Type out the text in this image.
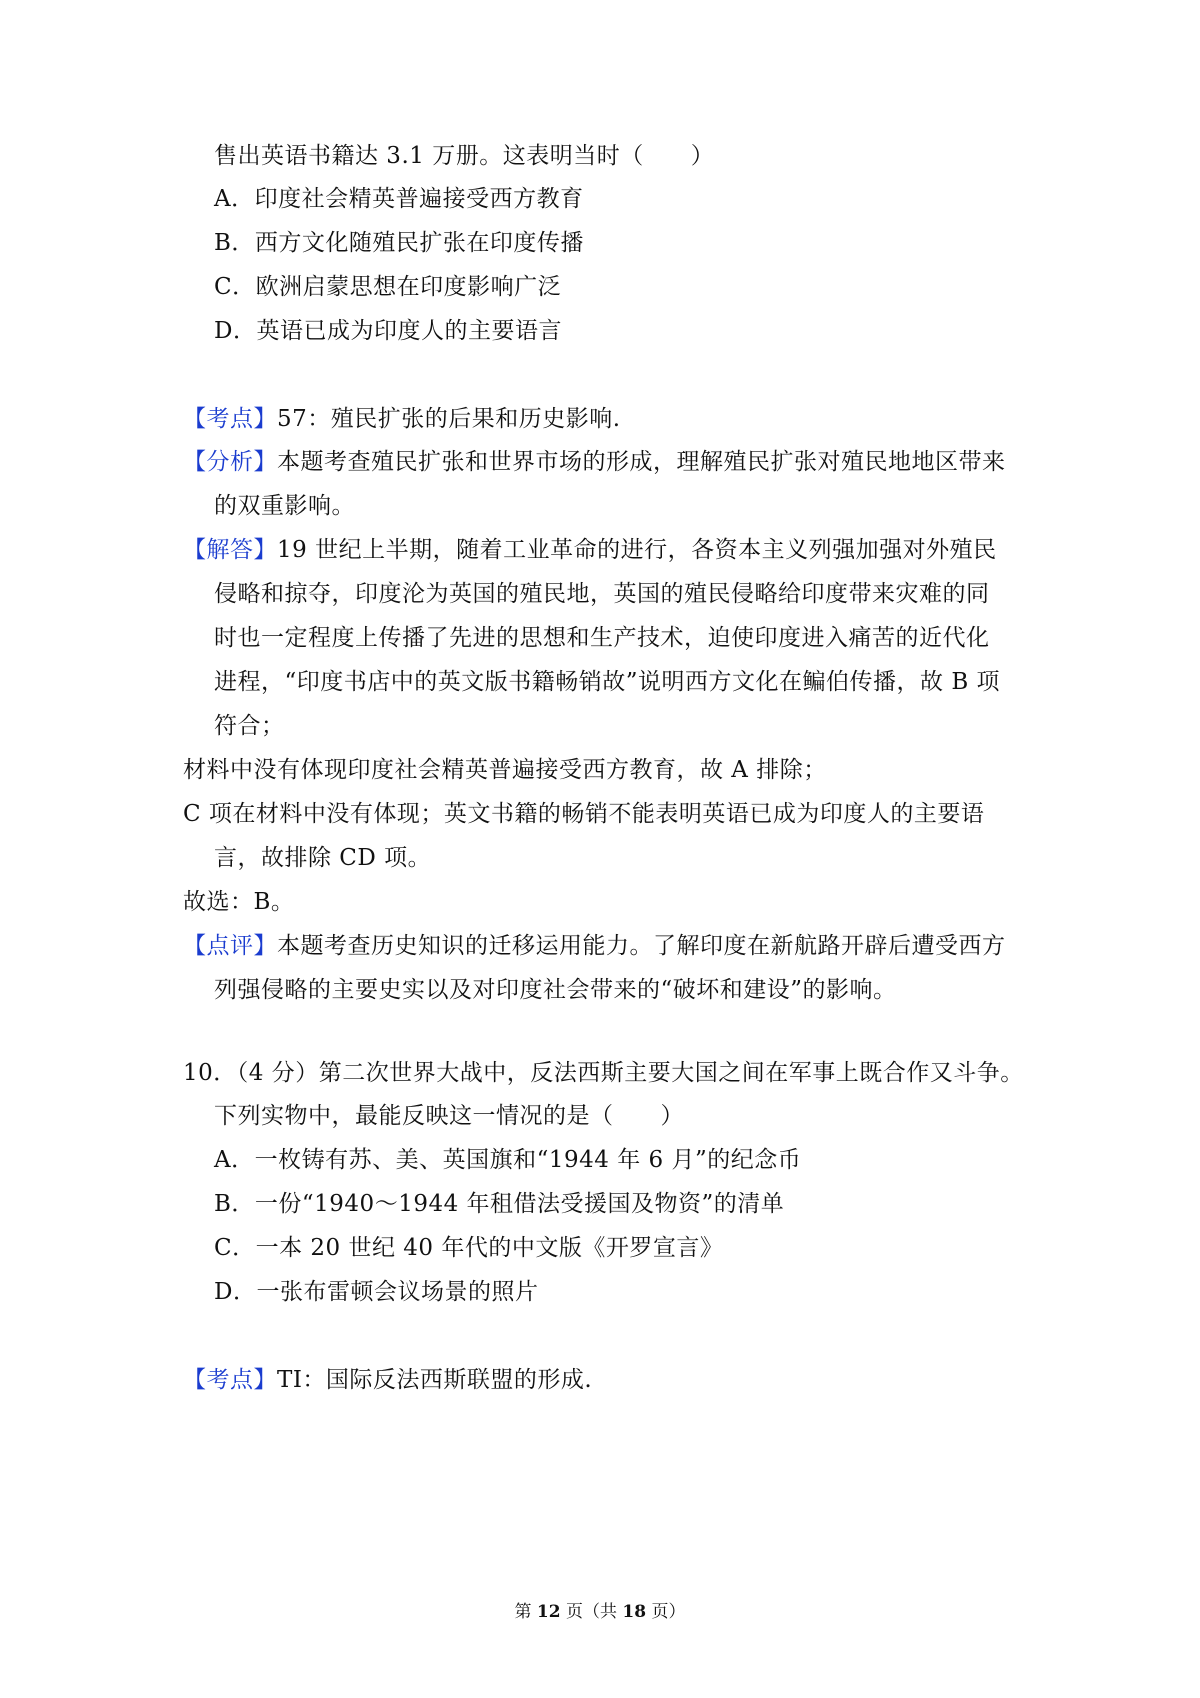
售出英语书籍达 3.1 万册。这表明当时（　　）
A．印度社会精英普遍接受西方教育
B．西方文化随殖民扩张在印度传播
C．欧洲启蒙思想在印度影响广泛
D．英语已成为印度人的主要语言
【考点】57：殖民扩张的后果和历史影响.
【分析】本题考查殖民扩张和世界市场的形成，理解殖民扩张对殖民地地区带来
的双重影响。
【解答】19 世纪上半期，随着工业革命的进行，各资本主义列强加强对外殖民
侵略和掠夺，印度沦为英国的殖民地，英国的殖民侵略给印度带来灾难的同
时也一定程度上传播了先进的思想和生产技术，迫使印度进入痛苦的近代化
进程，“印度书店中的英文版书籍畅销故”说明西方文化在鳊伯传播，故 B 项
符合；
材料中没有体现印度社会精英普遍接受西方教育，故 A 排除；
C 项在材料中没有体现；英文书籍的畅销不能表明英语已成为印度人的主要语
言，故排除 CD 项。
故选：B。
【点评】本题考查历史知识的迁移运用能力。了解印度在新航路开辟后遭受西方
列强侵略的主要史实以及对印度社会带来的“破坏和建设”的影响。
10．（4 分）第二次世界大战中，反法西斯主要大国之间在军事上既合作又斗争。
下列实物中，最能反映这一情况的是（　　）
A．一枚铸有苏、美、英国旗和“1944 年 6 月”的纪念币
B．一份“1940～1944 年租借法受援国及物资”的清单
C．一本 20 世纪 40 年代的中文版《开罗宣言》
D．一张布雷顿会议场景的照片
【考点】TI：国际反法西斯联盟的形成.
第 12 页（共 18 页）
